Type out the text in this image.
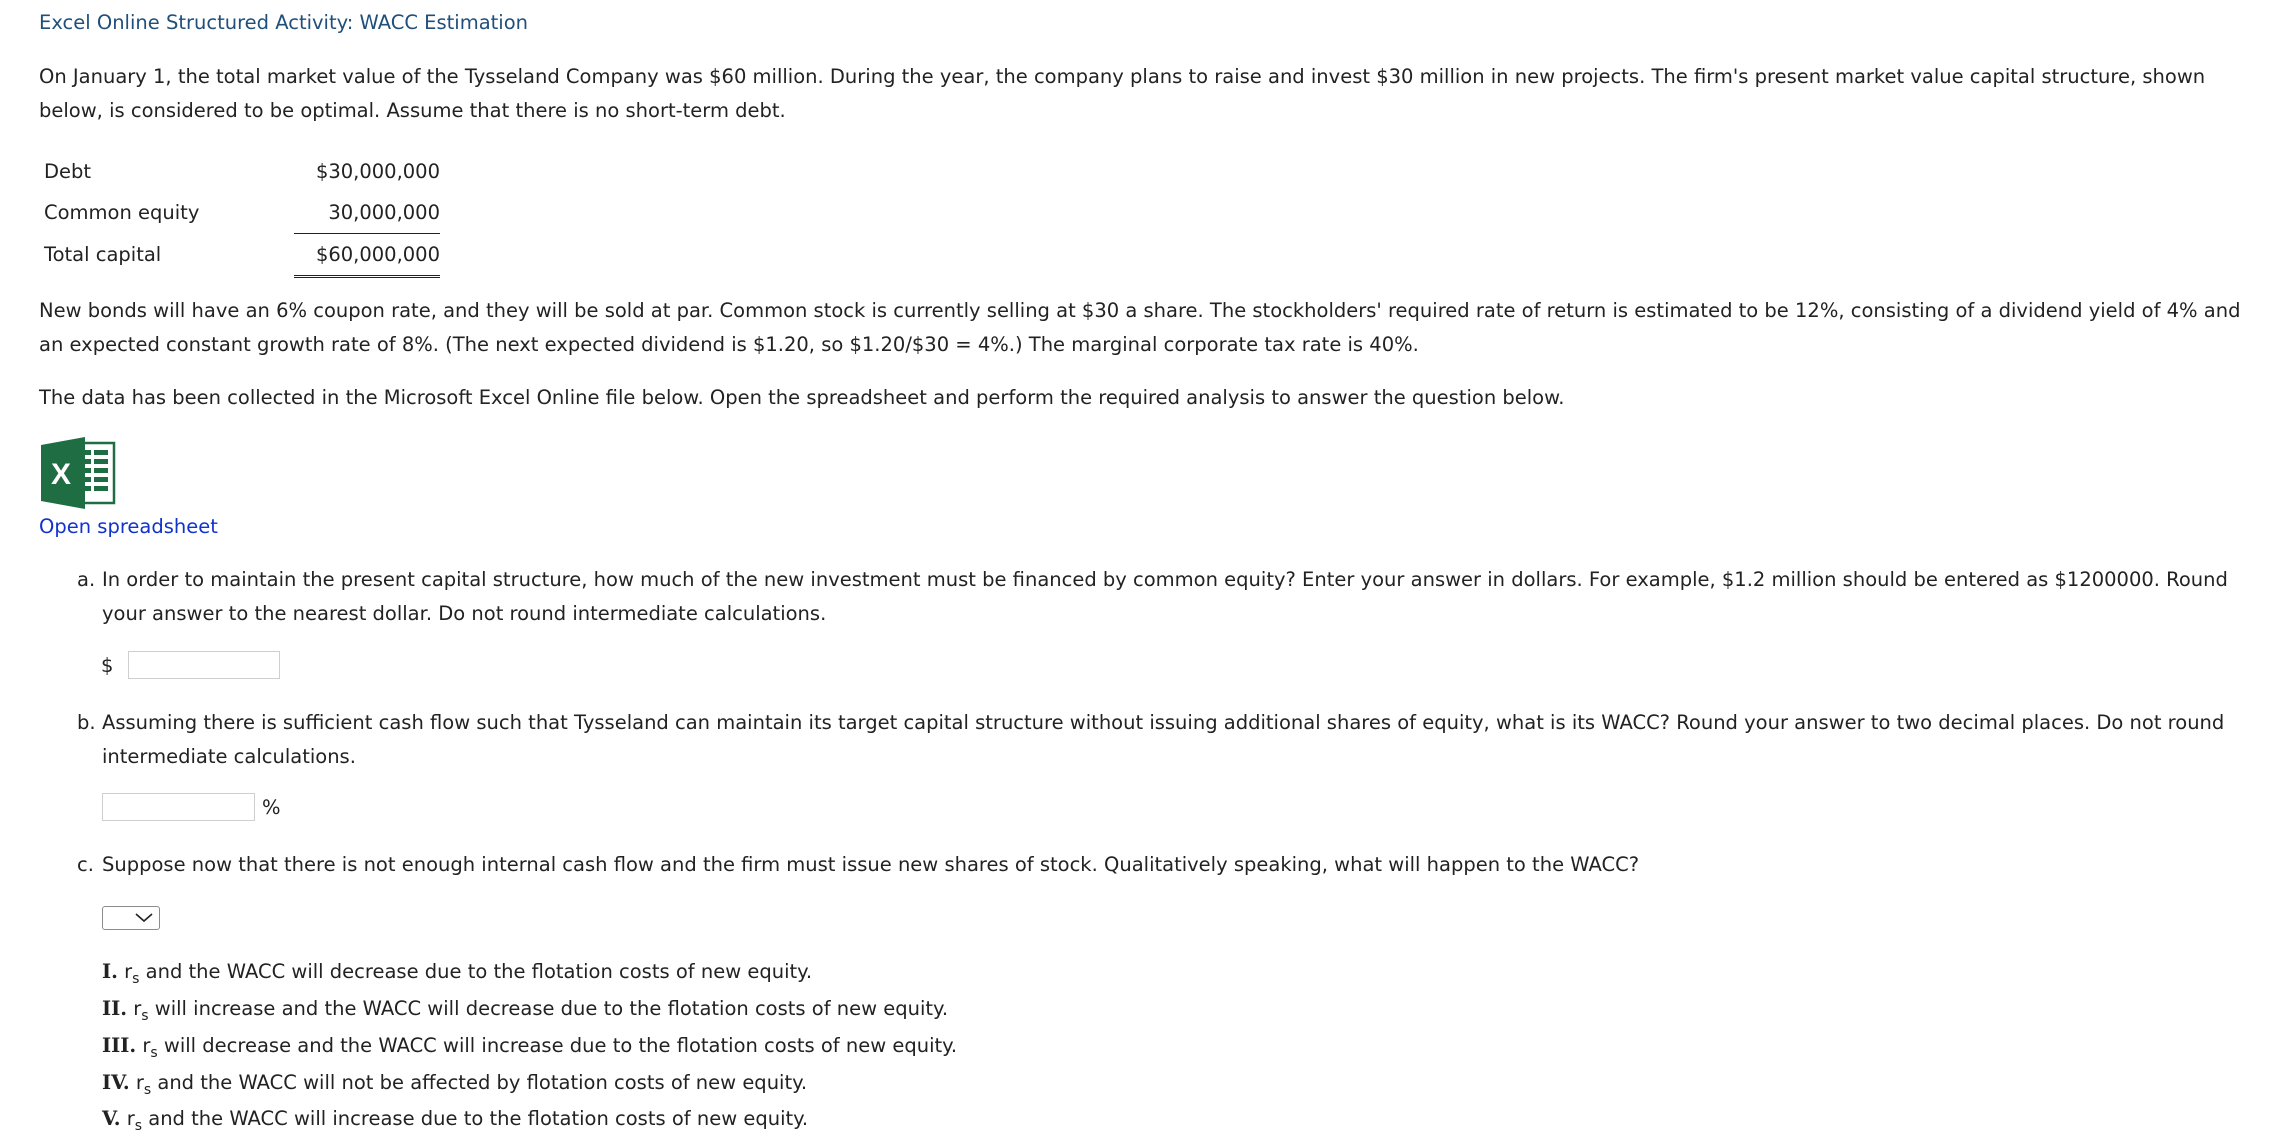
Excel Online Structured Activity: WACC Estimation

On January 1, the total market value of the Tysseland Company was $60 million. During the year, the company plans to raise and invest $30 million in new projects. The firm's present market value capital structure, shown below, is considered to be optimal. Assume that there is no short-term debt.

Debt	$30,000,000
Common equity	30,000,000
Total capital	$60,000,000

New bonds will have an 6% coupon rate, and they will be sold at par. Common stock is currently selling at $30 a share. The stockholders' required rate of return is estimated to be 12%, consisting of a dividend yield of 4% and an expected constant growth rate of 8%. (The next expected dividend is $1.20, so $1.20/$30 = 4%.) The marginal corporate tax rate is 40%.

The data has been collected in the Microsoft Excel Online file below. Open the spreadsheet and perform the required analysis to answer the question below.

X
Open spreadsheet
a. In order to maintain the present capital structure, how much of the new investment must be financed by common equity? Enter your answer in dollars. For example, $1.2 million should be entered as $1200000. Round your answer to the nearest dollar. Do not round intermediate calculations.
$
b. Assuming there is sufficient cash flow such that Tysseland can maintain its target capital structure without issuing additional shares of equity, what is its WACC? Round your answer to two decimal places. Do not round intermediate calculations.
%
c. Suppose now that there is not enough internal cash flow and the firm must issue new shares of stock. Qualitatively speaking, what will happen to the WACC?
I. $r_s$ and the WACC will decrease due to the flotation costs of new equity.
II. $r_s$ will increase and the WACC will decrease due to the flotation costs of new equity.
III. $r_s$ will decrease and the WACC will increase due to the flotation costs of new equity.
IV. $r_s$ and the WACC will not be affected by flotation costs of new equity.
V. $r_s$ and the WACC will increase due to the flotation costs of new equity.
